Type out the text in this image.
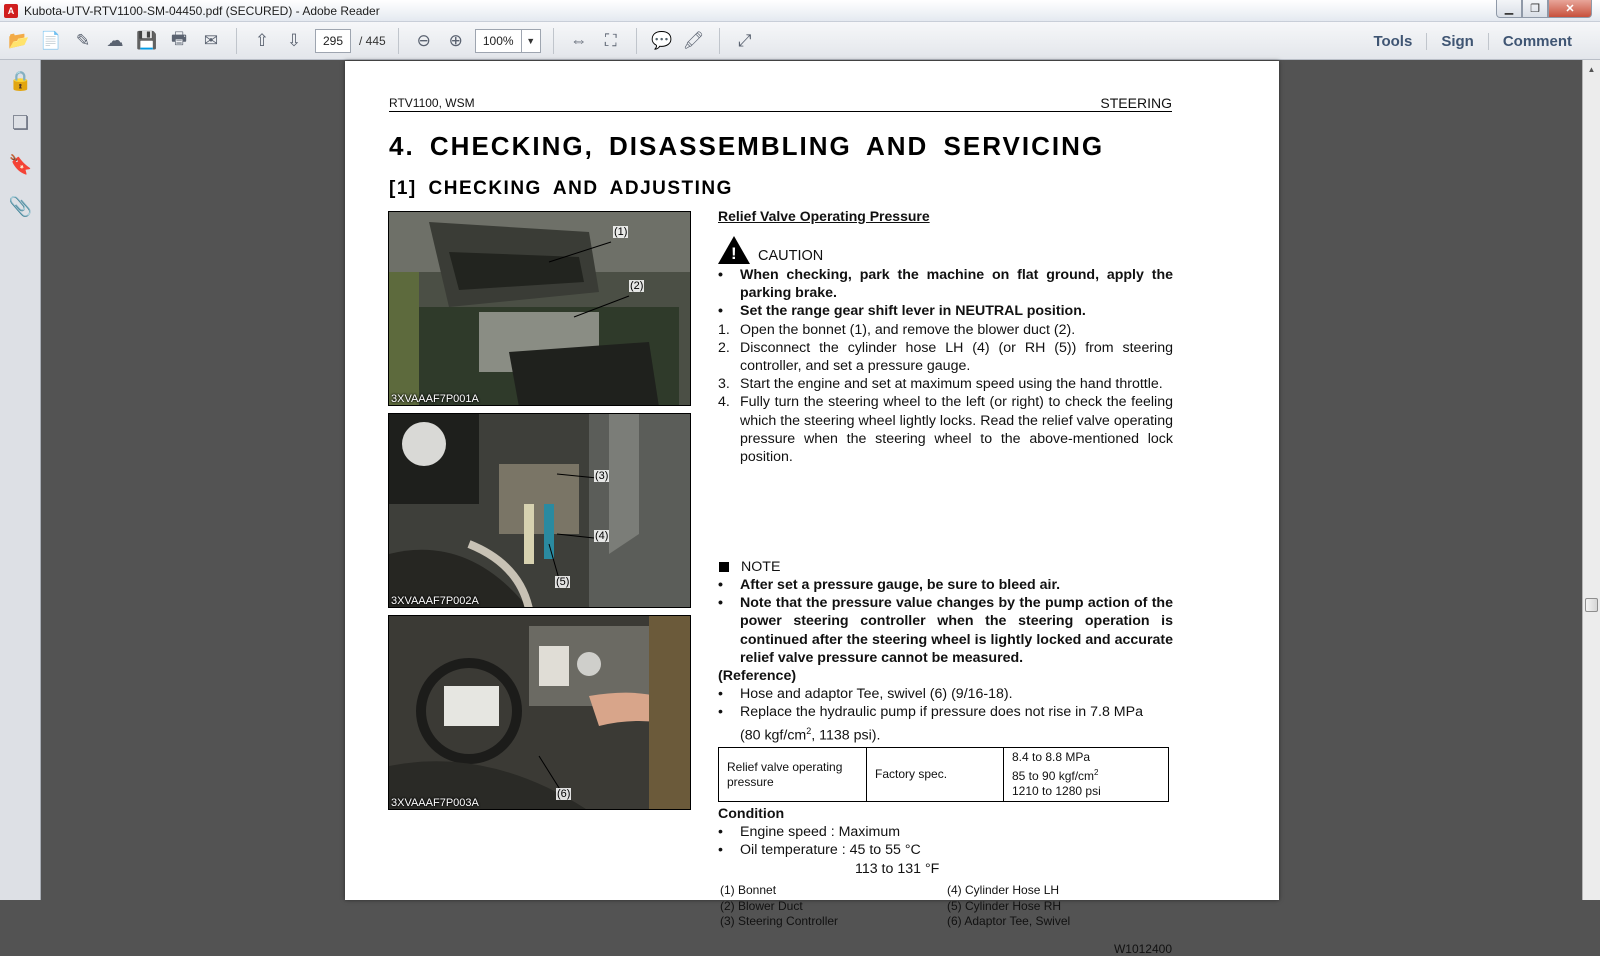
A Kubota-UTV-RTV1100-SM-04450.pdf (SECURED) - Adobe Reader	▁	❐	✕
📂 📄 ✎ ☁ 💾 🖶 ✉	⇧	⇩	295	/ 445	⊖	⊕	100%	▼ ⇔	⛶	💬 🖍	⤢	Tools	Sign	Comment
🔒
❏
🔖
📎
▲
RTV1100, WSM	STEERING
4. CHECKING, DISASSEMBLING AND SERVICING
[1] CHECKING AND ADJUSTING
(1)
(2)
3XVAAAF7P001A
(3)
(4)
(5)
3XVAAAF7P002A
(6)
3XVAAAF7P003A
Relief Valve Operating Pressure
!
CAUTION
•	When checking, park the machine on flat ground, apply the parking brake.
•	Set the range gear shift lever in NEUTRAL position.
1. Open the bonnet (1), and remove the blower duct (2).
2. Disconnect the cylinder hose LH (4) (or RH (5)) from steering controller, and set a pressure gauge.
3. Start the engine and set at maximum speed using the hand throttle.
4. Fully turn the steering wheel to the left (or right) to check the feeling which the steering wheel lightly locks. Read the relief valve operating pressure when the steering wheel to the above-mentioned lock position.
NOTE
•	After set a pressure gauge, be sure to bleed air.
•	Note that the pressure value changes by the pump action of the power steering controller when the steering operation is continued after the steering wheel is lightly locked and accurate relief valve pressure cannot be measured.
(Reference)
•	Hose and adaptor Tee, swivel (6) (9/16-18).
•	Replace the hydraulic pump if pressure does not rise in 7.8 MPa
(80 kgf/$cm^2$, 1138 psi).
Relief valve operating pressure	Factory spec.	
8.4 to 8.8 MPa
85 to 90 kgf/$cm^2$
1210 to 1280 psi
Condition
•	Engine speed : Maximum
•	Oil temperature : 45 to 55 °C
113 to 131 °F
(1) Bonnet
(2) Blower Duct
(3) Steering Controller
(4) Cylinder Hose LH
(5) Cylinder Hose RH
(6) Adaptor Tee, Swivel
W1012400
